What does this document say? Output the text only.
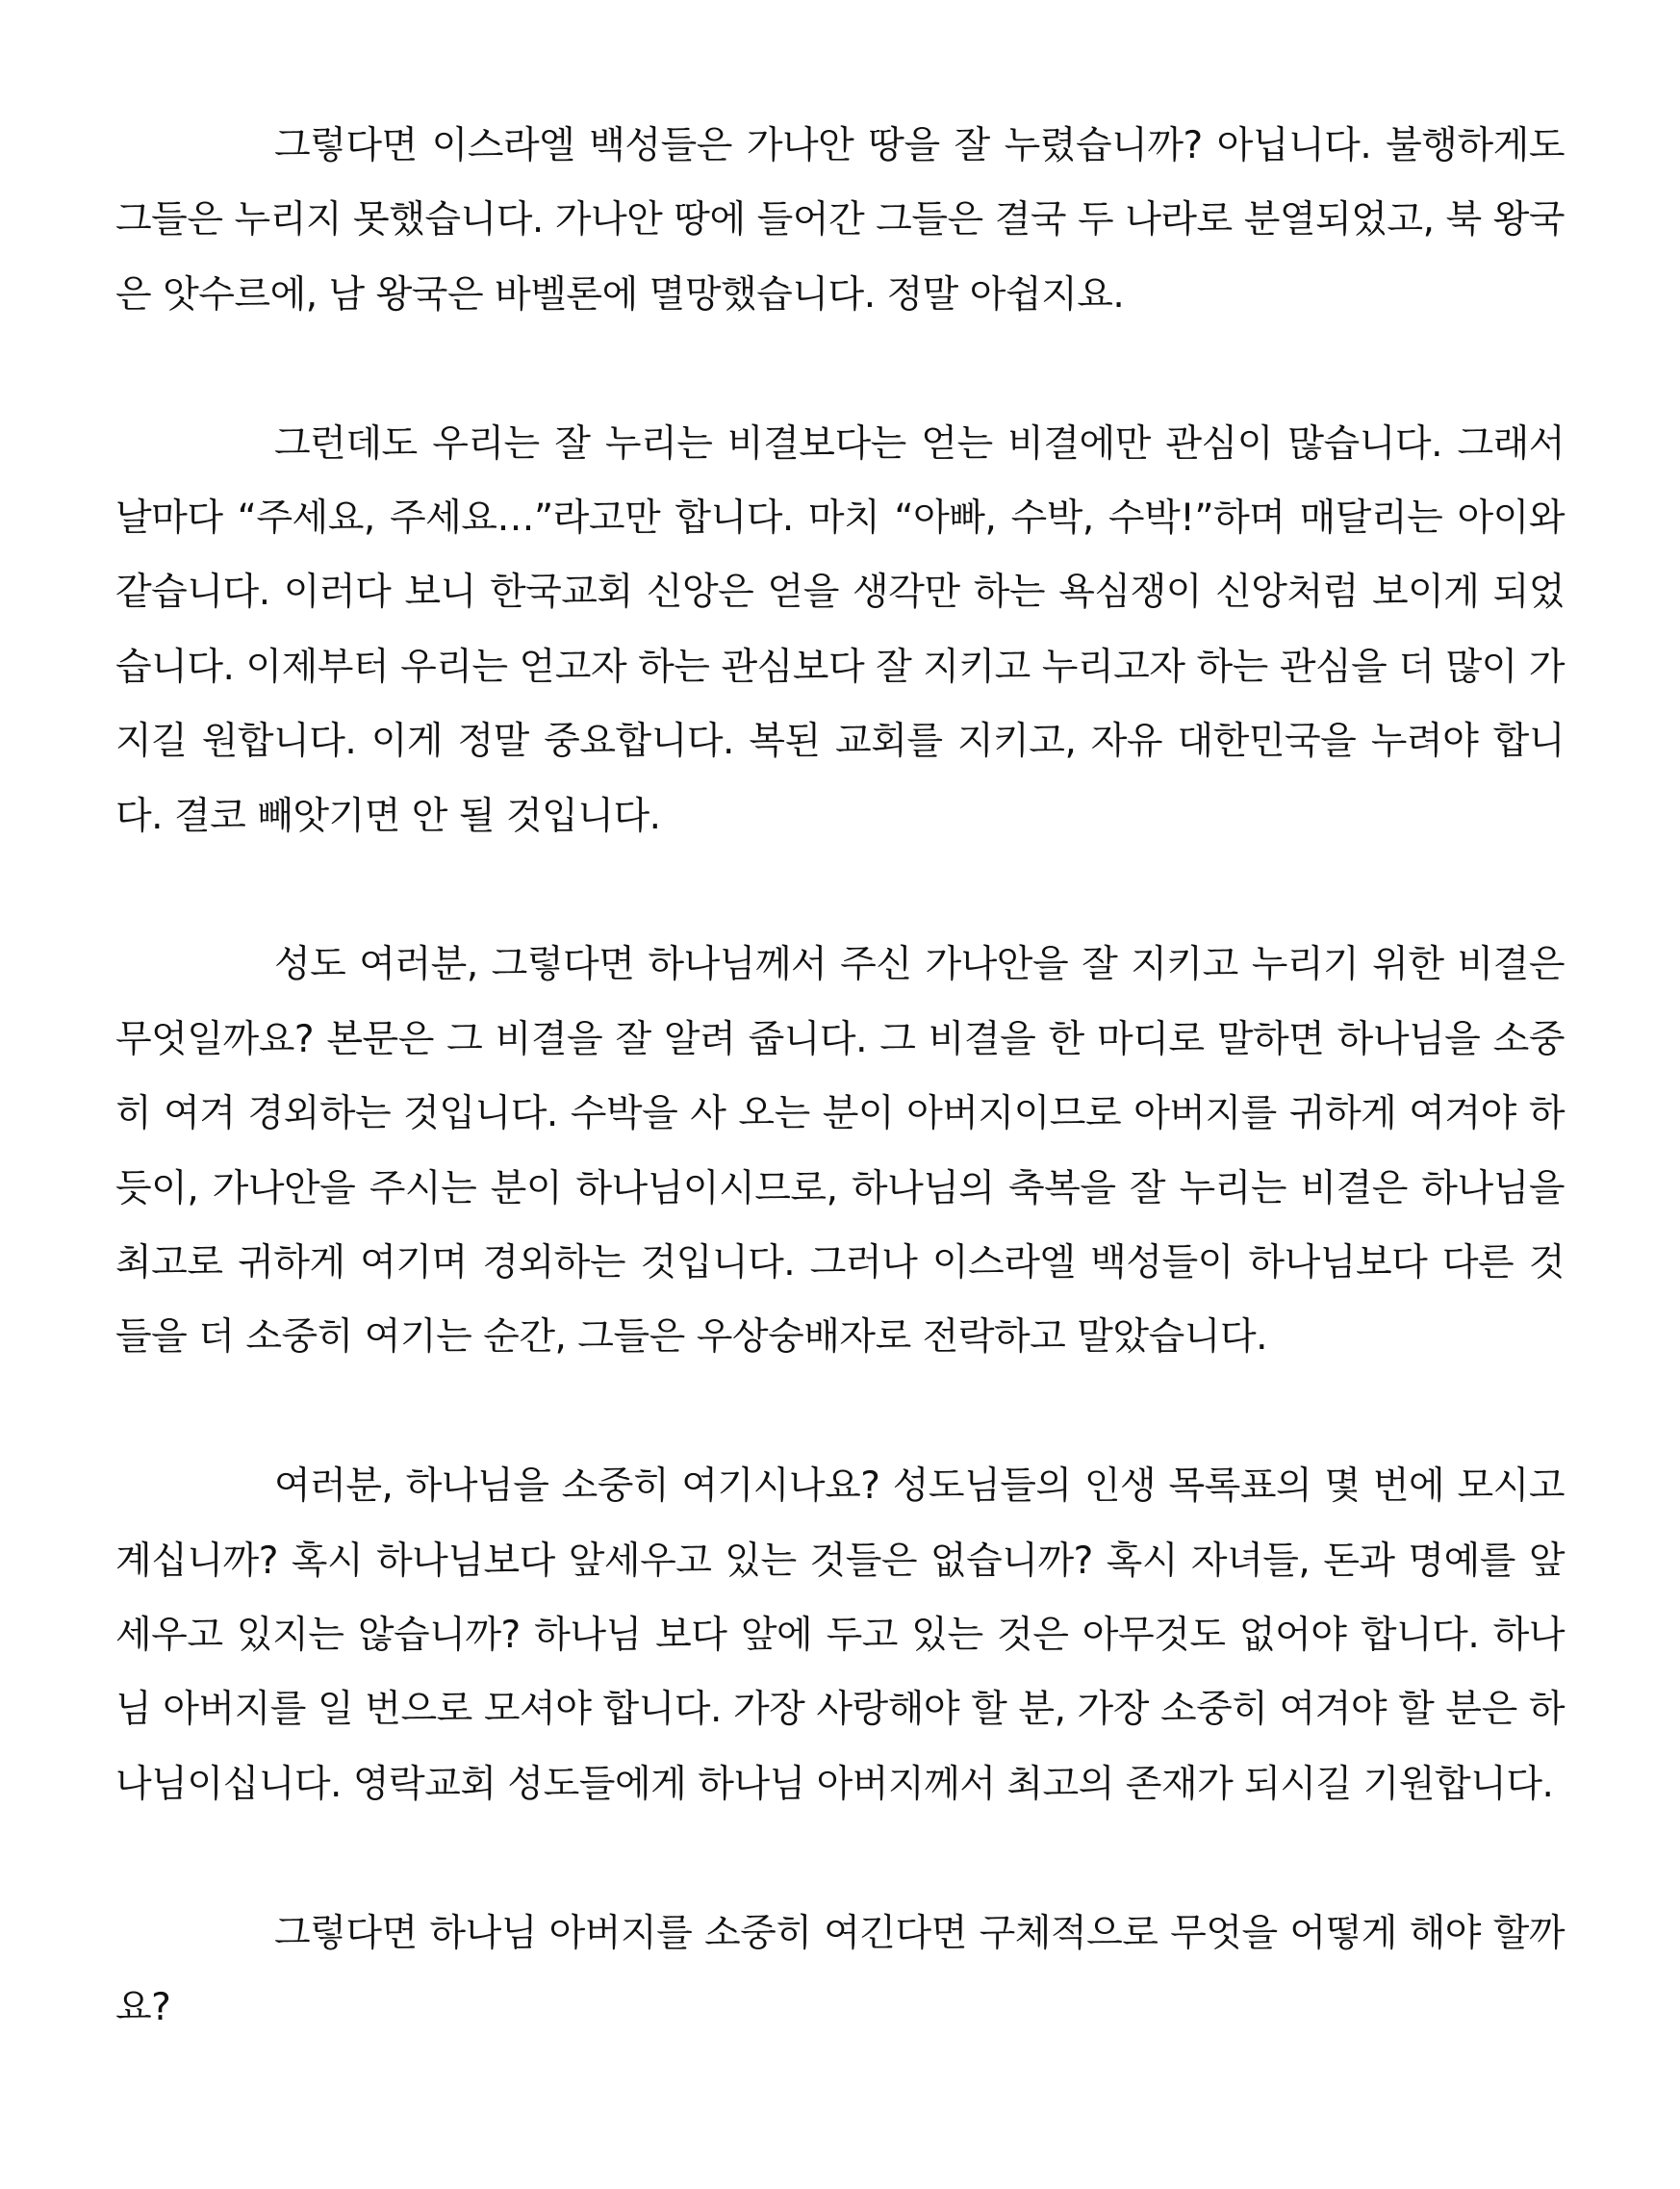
그렇다면 이스라엘 백성들은 가나안 땅을 잘 누렸습니까? 아닙니다. 불행하게도 그들은 누리지 못했습니다. 가나안 땅에 들어간 그들은 결국 두 나라로 분열되었고, 북 왕국은 앗수르에, 남 왕국은 바벨론에 멸망했습니다. 정말 아쉽지요.

그런데도 우리는 잘 누리는 비결보다는 얻는 비결에만 관심이 많습니다. 그래서 날마다 “주세요, 주세요…”라고만 합니다. 마치 “아빠, 수박, 수박!”하며 매달리는 아이와 같습니다. 이러다 보니 한국교회 신앙은 얻을 생각만 하는 욕심쟁이 신앙처럼 보이게 되었습니다. 이제부터 우리는 얻고자 하는 관심보다 잘 지키고 누리고자 하는 관심을 더 많이 가지길 원합니다. 이게 정말 중요합니다. 복된 교회를 지키고, 자유 대한민국을 누려야 합니다. 결코 빼앗기면 안 될 것입니다.

성도 여러분, 그렇다면 하나님께서 주신 가나안을 잘 지키고 누리기 위한 비결은 무엇일까요? 본문은 그 비결을 잘 알려 줍니다. 그 비결을 한 마디로 말하면 하나님을 소중히 여겨 경외하는 것입니다. 수박을 사 오는 분이 아버지이므로 아버지를 귀하게 여겨야 하듯이, 가나안을 주시는 분이 하나님이시므로, 하나님의 축복을 잘 누리는 비결은 하나님을 최고로 귀하게 여기며 경외하는 것입니다. 그러나 이스라엘 백성들이 하나님보다 다른 것들을 더 소중히 여기는 순간, 그들은 우상숭배자로 전락하고 말았습니다.

여러분, 하나님을 소중히 여기시나요? 성도님들의 인생 목록표의 몇 번에 모시고 계십니까? 혹시 하나님보다 앞세우고 있는 것들은 없습니까? 혹시 자녀들, 돈과 명예를 앞세우고 있지는 않습니까? 하나님 보다 앞에 두고 있는 것은 아무것도 없어야 합니다. 하나님 아버지를 일 번으로 모셔야 합니다. 가장 사랑해야 할 분, 가장 소중히 여겨야 할 분은 하나님이십니다. 영락교회 성도들에게 하나님 아버지께서 최고의 존재가 되시길 기원합니다.

그렇다면 하나님 아버지를 소중히 여긴다면 구체적으로 무엇을 어떻게 해야 할까요?
